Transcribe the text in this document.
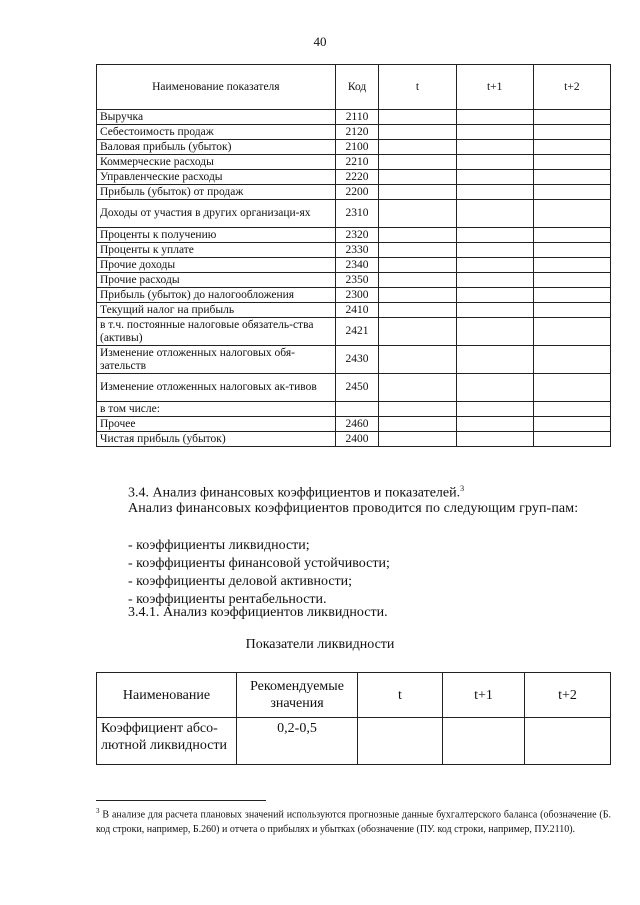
40
Наименование показателя	Код	t	t+1	t+2
Выручка	2110			
Себестоимость продаж	2120			
Валовая прибыль (убыток)	2100			
Коммерческие расходы	2210			
Управленческие расходы	2220			
Прибыль (убыток) от продаж	2200			
Доходы от участия в других организаци-ях	2310			
Проценты к получению	2320			
Проценты к уплате	2330			
Прочие доходы	2340			
Прочие расходы	2350			
Прибыль (убыток) до налогообложения	2300			
Текущий налог на прибыль	2410			
в т.ч. постоянные налоговые обязатель-ства (активы)	2421			
Изменение отложенных налоговых обя-зательств	2430			
Изменение отложенных налоговых ак-тивов	2450			
в том числе:				
Прочее	2460			
Чистая прибыль (убыток)	2400			
3.4. Анализ финансовых коэффициентов и показателей.$^3$
Анализ финансовых коэффициентов проводится по следующим груп-пам:
- коэффициенты ликвидности;
- коэффициенты финансовой устойчивости;
- коэффициенты деловой активности;
- коэффициенты рентабельности.
3.4.1. Анализ коэффициентов ликвидности.
Показатели ликвидности
Наименование	Рекомендуемые значения	t	t+1	t+2
Коэффициент абсо-лютной ликвидности	0,2-0,5			
$^3$ В анализе для расчета плановых значений используются прогнозные данные бухгалтерского баланса (обозначение (Б. код строки, например, Б.260) и отчета о прибылях и убытках (обозначение (ПУ. код строки, например, ПУ.2110).
